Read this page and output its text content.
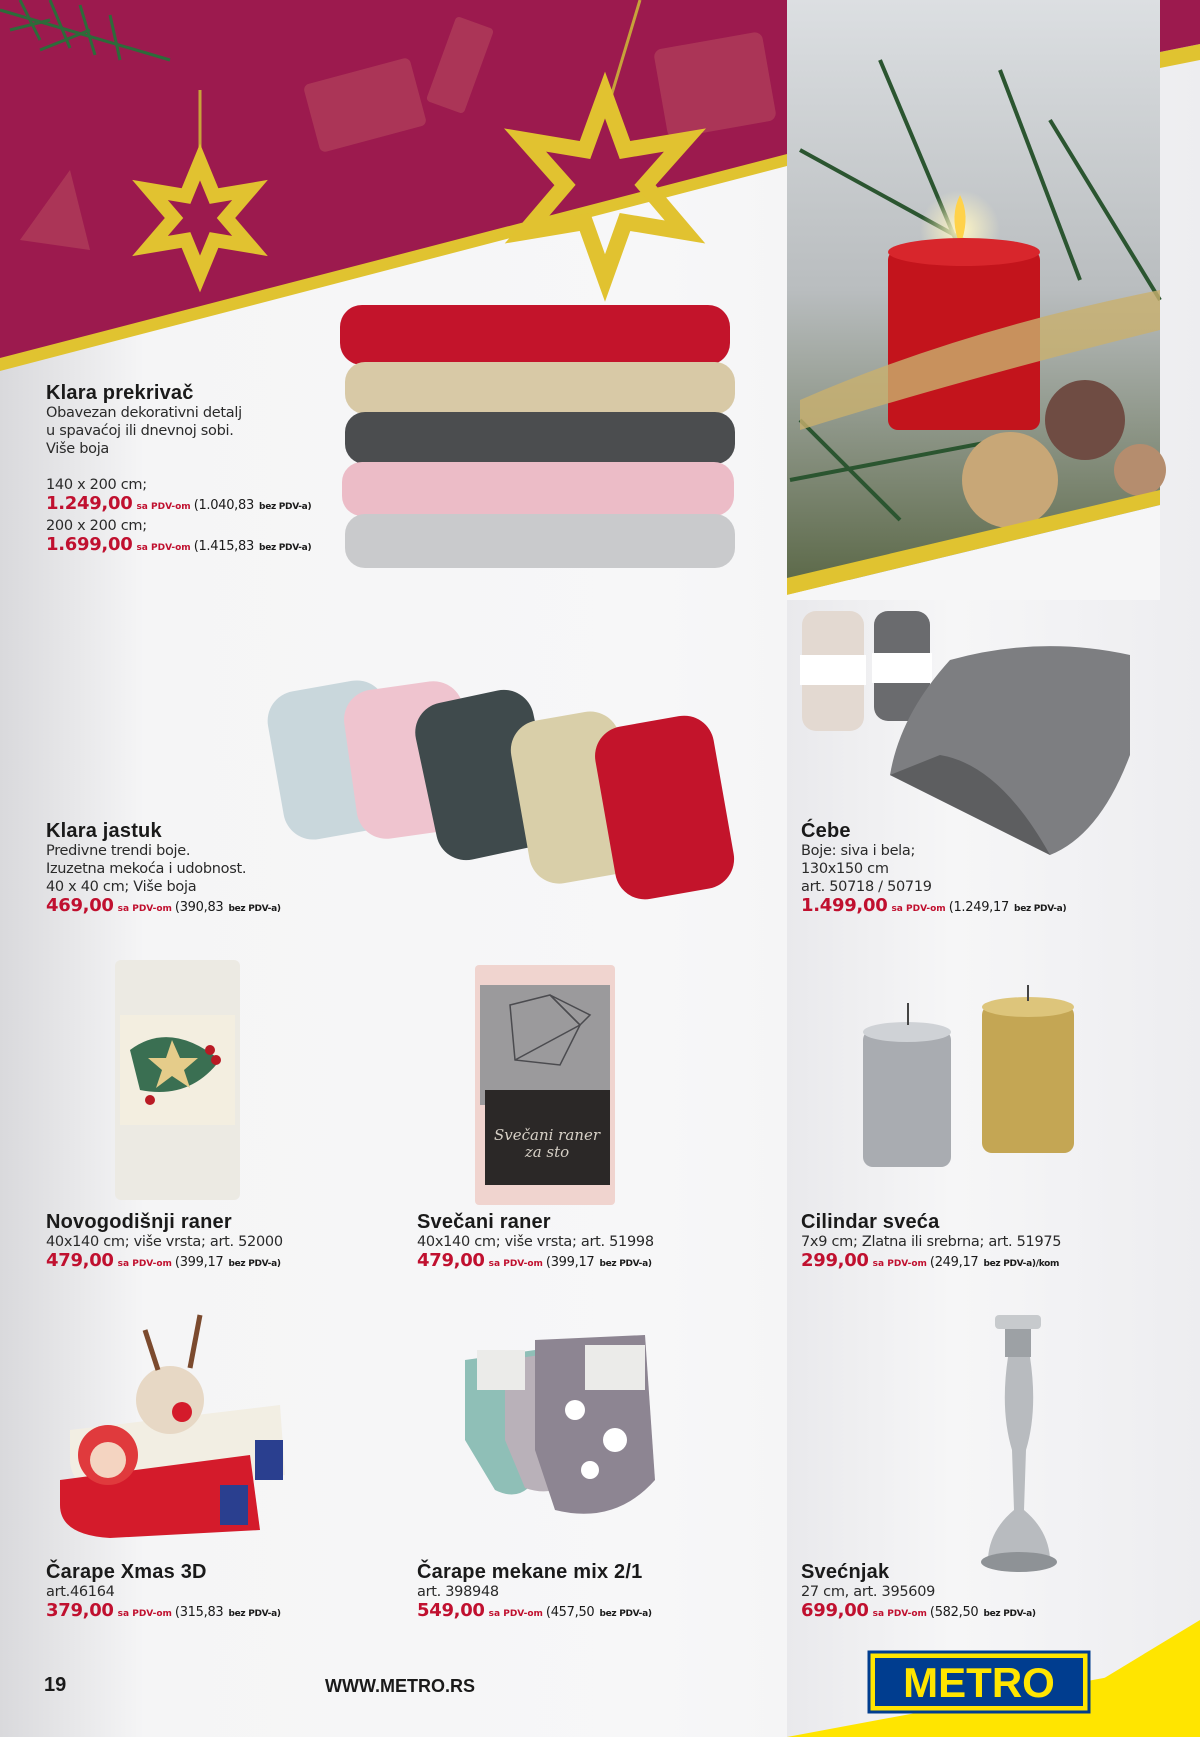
Svečani raner
za sto
Klara prekrivač
Obavezan dekorativni detalj
u spavaćoj ili dnevnoj sobi.
Više boja
140 x 200 cm;
1.249,00 sa PDV-om (1.040,83 bez PDV-a)
200 x 200 cm;
1.699,00 sa PDV-om (1.415,83 bez PDV-a)
Klara jastuk
Predivne trendi boje.
Izuzetna mekoća i udobnost.
40 x 40 cm; Više boja
469,00 sa PDV-om (390,83 bez PDV-a)
Ćebe
Boje: siva i bela;
130x150 cm
art. 50718 / 50719
1.499,00 sa PDV-om (1.249,17 bez PDV-a)
Novogodišnji raner
40x140 cm; više vrsta; art. 52000
479,00 sa PDV-om (399,17 bez PDV-a)
Svečani raner
40x140 cm; više vrsta; art. 51998
479,00 sa PDV-om (399,17 bez PDV-a)
Cilindar sveća
7x9 cm; Zlatna ili srebrna; art. 51975
299,00 sa PDV-om (249,17 bez PDV-a)/kom
Čarape Xmas 3D
art.46164
379,00 sa PDV-om (315,83 bez PDV-a)
Čarape mekane mix 2/1
art. 398948
549,00 sa PDV-om (457,50 bez PDV-a)
Svećnjak
27 cm, art. 395609
699,00 sa PDV-om (582,50 bez PDV-a)
19	WWW.METRO.RS	METRO
